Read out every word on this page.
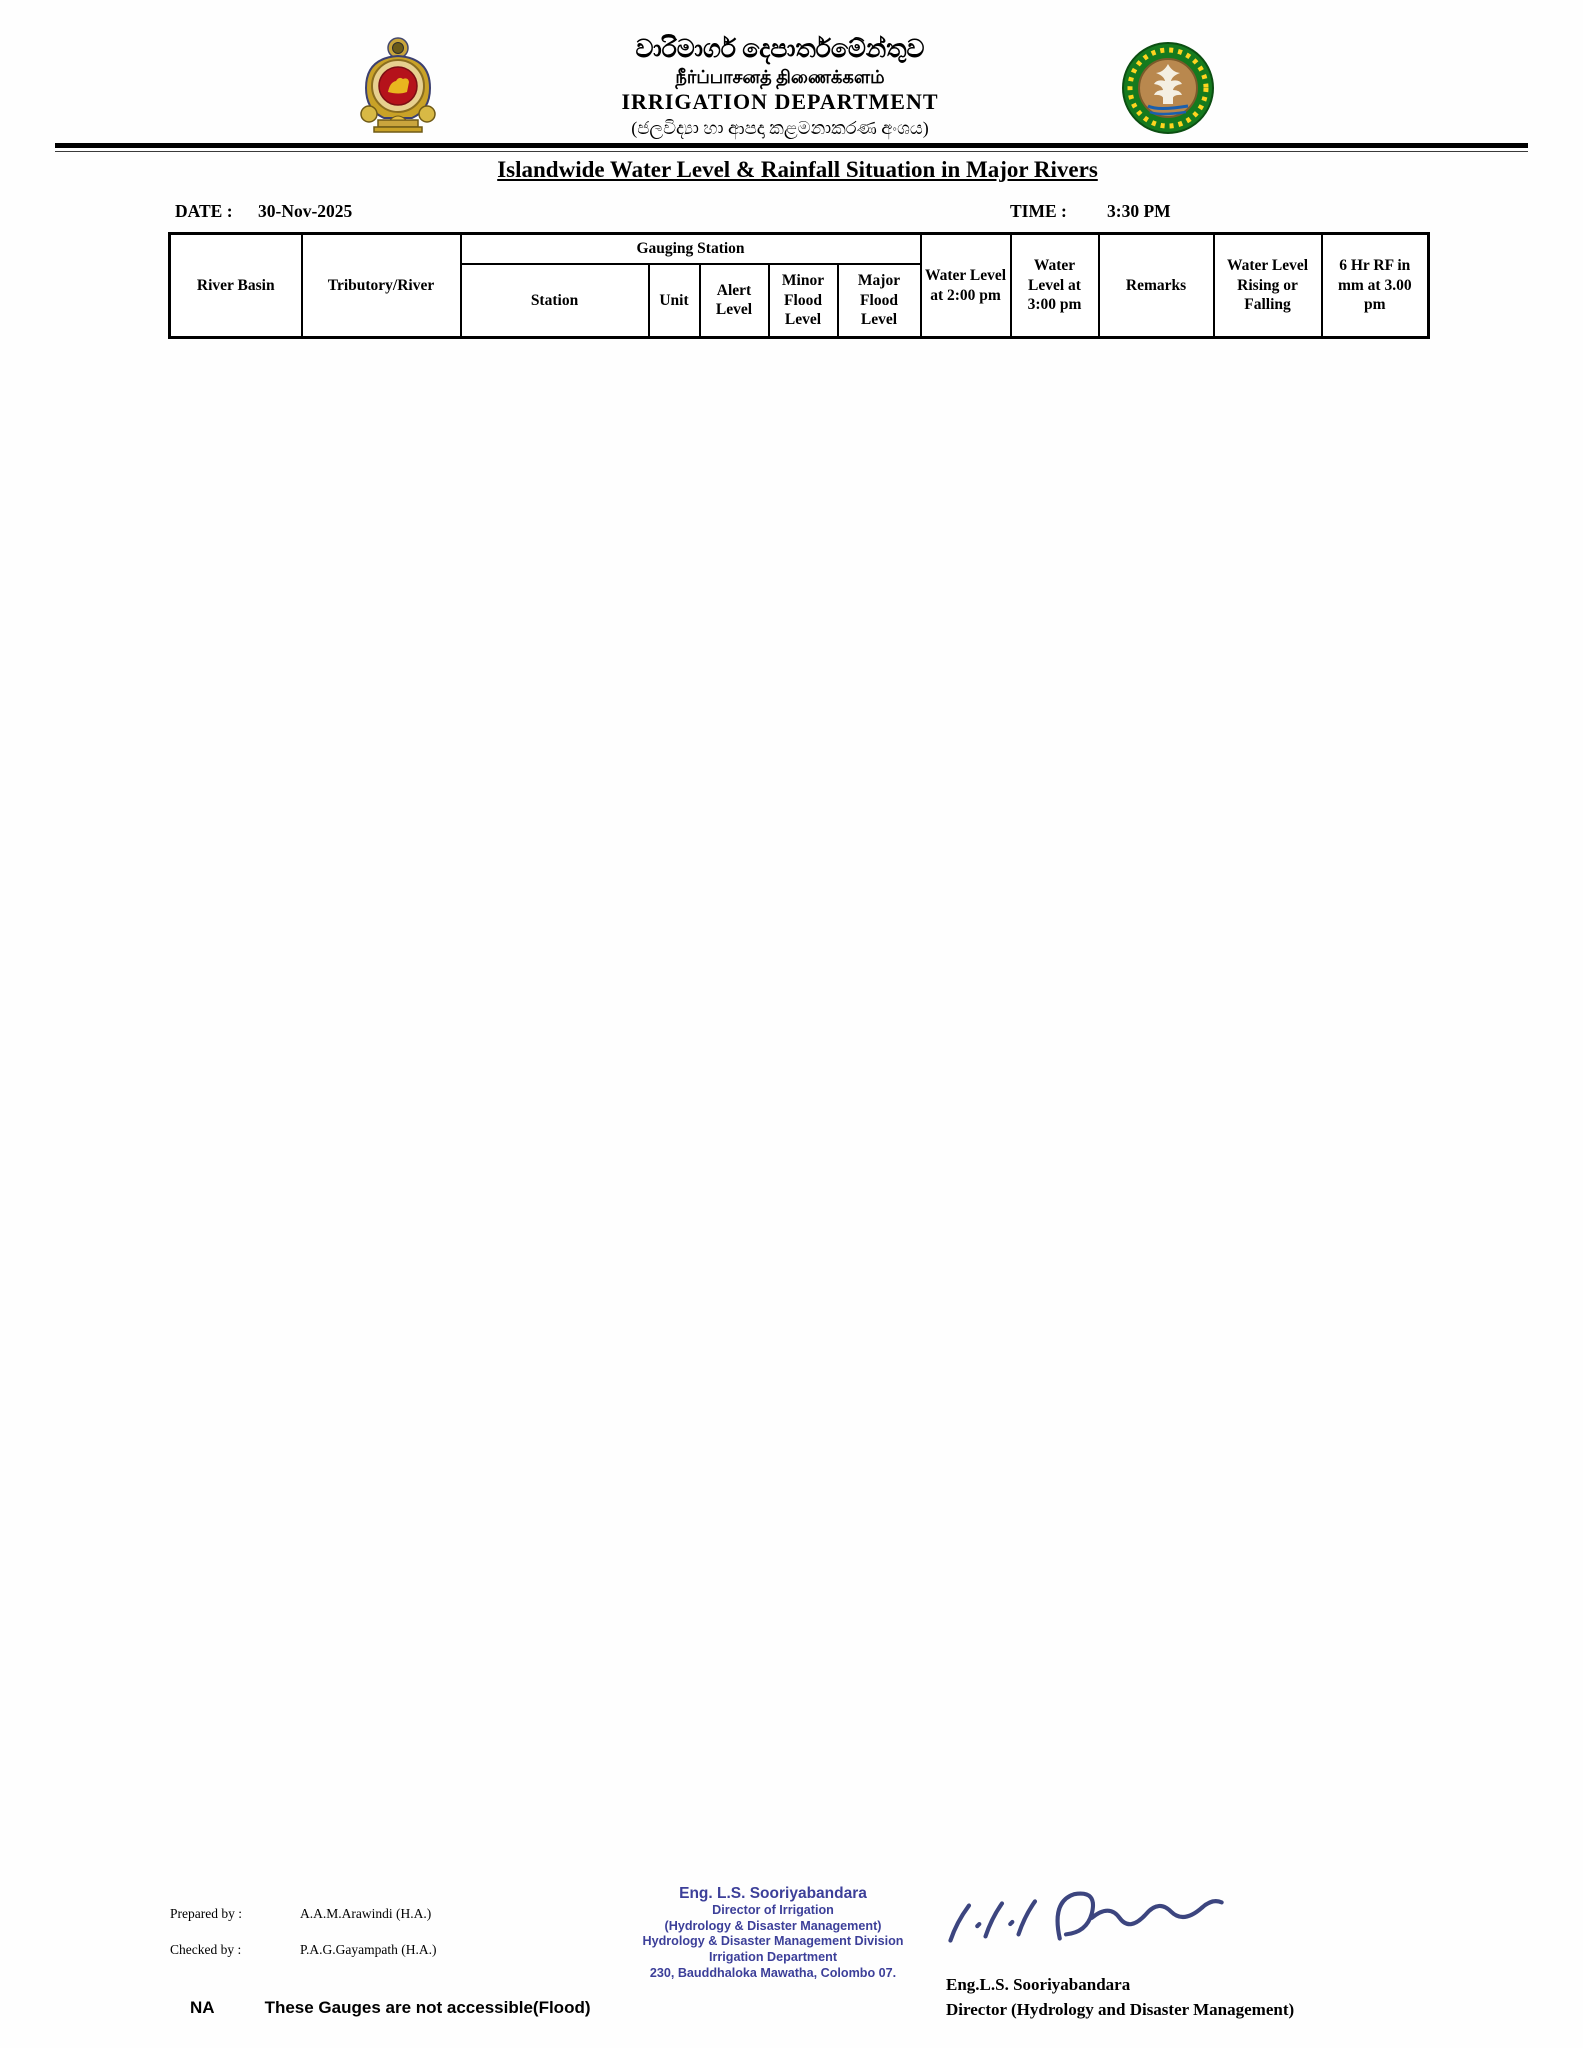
වාරිමාර්ග දෙපාර්තමේන්තුව
நீர்ப்பாசனத் திணைக்களம்
IRRIGATION DEPARTMENT
(ජලවිද්‍යා හා ආපදා කළමනාකරණ අංශය)
Islandwide Water Level & Rainfall Situation in Major Rivers
DATE : 30-Nov-2025	TIME : 3:30 PM
River Basin	Tributory/River	Gauging Station					Water Level at 2:00 pm	Water Level at 3:00 pm	Remarks	Water Level Rising or Falling	6 Hr RF in mm at 3.00 pm
		Station	Unit	Alert Level	Minor Flood Level	Major Flood Level					
Prepared by :	A.A.M.Arawindi (H.A.)
Checked by :	P.A.G.Gayampath (H.A.)
Eng. L.S. Sooriyabandara
Director of Irrigation
(Hydrology & Disaster Management)
Hydrology & Disaster Management Division
Irrigation Department
230, Bauddhaloka Mawatha, Colombo 07.
Eng.L.S. Sooriyabandara
Director (Hydrology and Disaster Management)
NA	These Gauges are not accessible(Flood)
